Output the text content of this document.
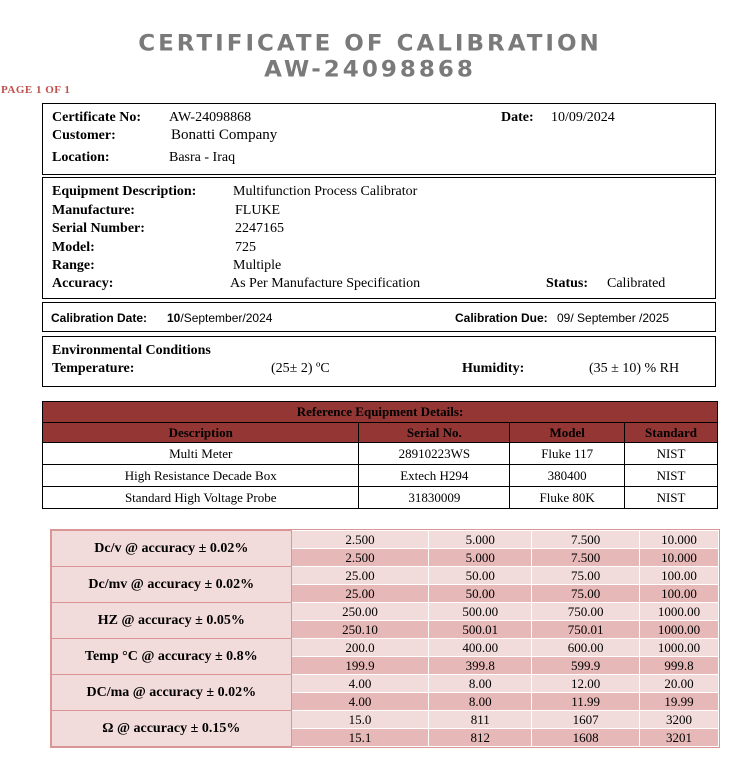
CERTIFICATE OF CALIBRATION
AW-24098868
PAGE 1 OF 1
Certificate No: AW-24098868	Date: 10/09/2024
Customer:	Bonatti Company
Location:	Basra - Iraq
Equipment Description:	Multifunction Process Calibrator
Manufacture:	FLUKE
Serial Number:	2247165
Model:	725
Range:	Multiple
Accuracy:	As Per Manufacture Specification	Status: Calibrated
Calibration Date: 10/September/2024	Calibration Due: 09/ September /2025
Environmental Conditions
Temperature:	(25± 2) ºC	Humidity:	(35 ± 10) % RH
Reference Equipment Details:			
Description	Serial No.	Model	Standard
Multi Meter	28910223WS	Fluke 117	NIST
High Resistance Decade Box	Extech H294	380400	NIST
Standard High Voltage Probe	31830009	Fluke 80K	NIST
Dc/v @ accuracy ± 0.02%	2.500	5.000	7.500	10.000
	2.500	5.000	7.500	10.000
Dc/mv @ accuracy ± 0.02%	25.00	50.00	75.00	100.00
	25.00	50.00	75.00	100.00
HZ @ accuracy ± 0.05%	250.00	500.00	750.00	1000.00
	250.10	500.01	750.01	1000.00
Temp °C @ accuracy ± 0.8%	200.0	400.00	600.00	1000.00
	199.9	399.8	599.9	999.8
DC/ma @ accuracy ± 0.02%	4.00	8.00	12.00	20.00
	4.00	8.00	11.99	19.99
Ω @ accuracy ± 0.15%	15.0	811	1607	3200
	15.1	812	1608	3201
